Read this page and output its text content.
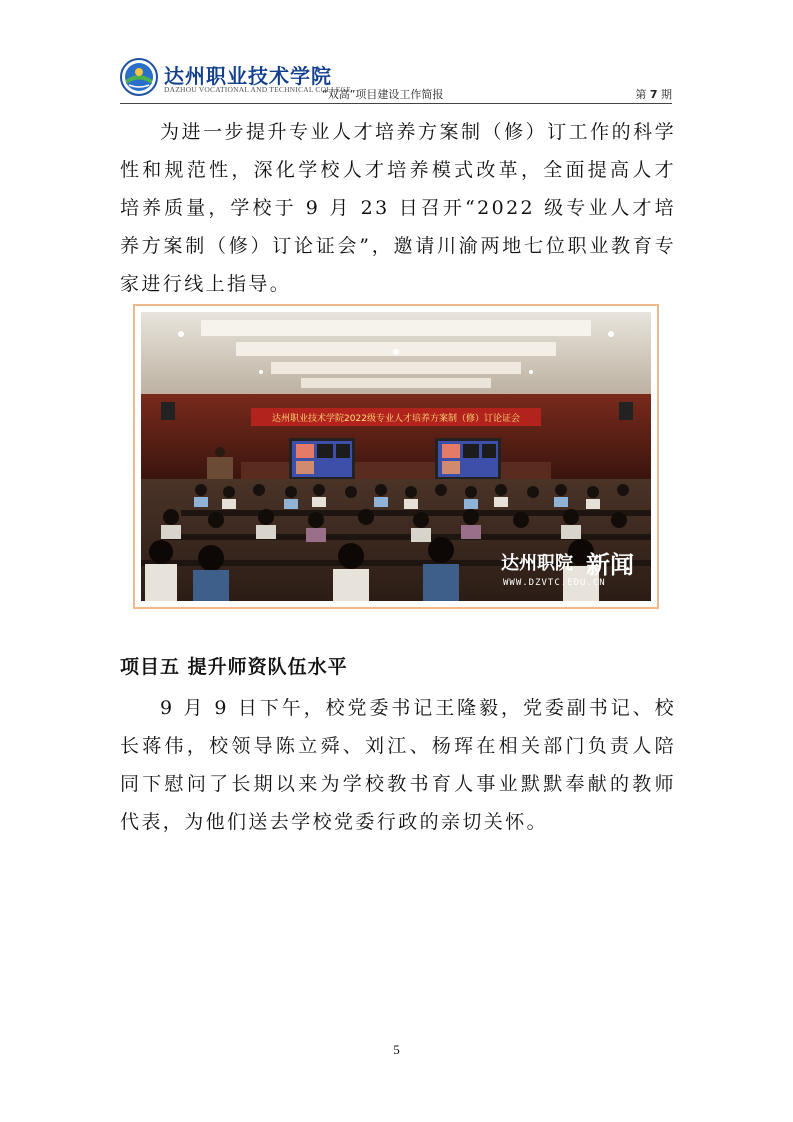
达州职业技术学院
DAZHOU VOCATIONAL AND TECHNICAL COLLEGE
“双高”项目建设工作简报	第 7 期

为进一步提升专业人才培养方案制（修）订工作的科学性和规范性，深化学校人才培养模式改革，全面提高人才培养质量，学校于 9 月 23 日召开“2022 级专业人才培养方案制（修）订论证会”，邀请川渝两地七位职业教育专家进行线上指导。

达州职业技术学院2022级专业人才培养方案制（修）订论证会
达州职院 新闻
WWW.DZVTC.EDU.CN
项目五 提升师资队伍水平

9 月 9 日下午，校党委书记王隆毅，党委副书记、校长蒋伟，校领导陈立舜、刘江、杨珲在相关部门负责人陪同下慰问了长期以来为学校教书育人事业默默奉献的教师代表，为他们送去学校党委行政的亲切关怀。

5
